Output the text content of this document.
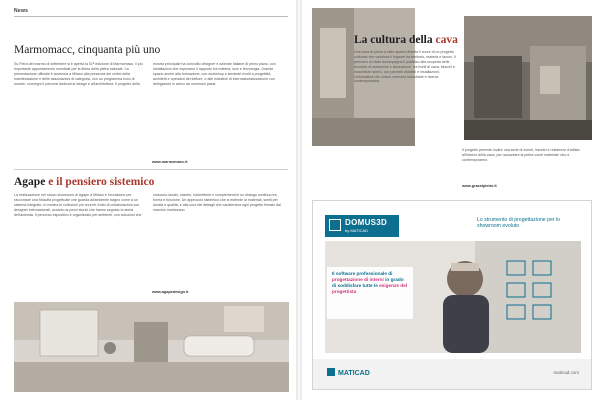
News
Marmomacc, cinquanta più uno

Su Fiera del marmo di settembre si è aperta la 51ª edizione di Marmomacc, il più importante appuntamento mondiale per la filiera della pietra naturale. La presentazione ufficiale è avvenuta a Milano alla presenza dei vertici della manifestazione e delle associazioni di categoria, con un programma ricco di mostre, convegni e percorsi dedicati al design e all'architettura. Il progetto della mostra principale ha coinvolto designer e aziende italiane di primo piano, con installazioni che esplorano il rapporto tra materia, luce e tecnologia. Grande spazio anche alla formazione, con workshop e seminari rivolti a progettisti, architetti e operatori del settore, e alle iniziative di internazionalizzazione con delegazioni in arrivo da numerosi paesi.

www.marmomacc.it
Agape e il pensiero sistemico

La realizzazione nel nuovo showroom di Agape a Milano è l'occasione per raccontare una filosofia progettuale che guarda all'ambiente bagno come a un sistema integrato. In mostra le collezioni più recenti, frutto di collaborazioni con designer internazionali, accanto ai pezzi storici che hanno segnato la storia dell'azienda. Il percorso espositivo è organizzato per ambienti, con soluzioni che uniscono lavabi, vasche, rubinetterie e complementi in un dialogo continuo tra forma e funzione. Un approccio sistemico che si estende ai materiali, scelti per durata e qualità, e alla cura dei dettagli che caratterizza ogni progetto firmato dal marchio mantovano.

www.agapedesign.it
La cultura della cava

Una cava di pietra a cielo aperto diventa il cuore di un progetto culturale che valorizza il legame tra territorio, materia e lavoro. Il percorso di visita accompagna il pubblico alla scoperta delle tecniche di estrazione e lavorazione, tra fronti di cava, blocchi e macchinari storici, con pannelli didattici e installazioni. Un'iniziativa che unisce memoria industriale e ricerca contemporanea.

Il progetto prevede inoltre una serie di eventi, incontri e residenze d'artista all'interno della cava, per raccontare la pietra come materiale vivo e contemporaneo.

www.grassipietre.it
DOMUS3D
by MATICAD
Lo strumento di progettazione per lo showroom evoluto
Il software professionale di progettazione di interni in grado di soddisfare tutte le esigenze del progettista
MATICAD	maticad.com
